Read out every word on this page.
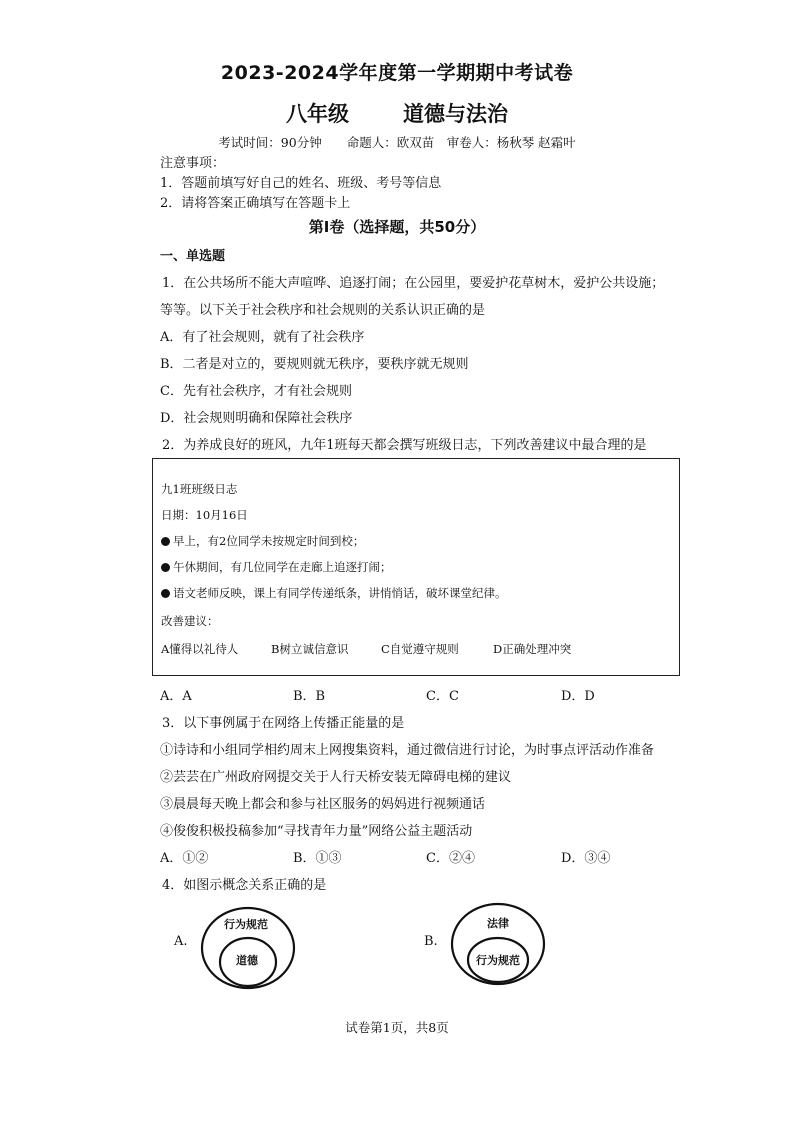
2023-2024学年度第一学期期中考试卷
八年级	道德与法治
考试时间：90分钟　　命题人：欧双苗　审卷人：杨秋琴 赵霜叶
注意事项：
1．答题前填写好自己的姓名、班级、考号等信息
2．请将答案正确填写在答题卡上
第I卷（选择题，共50分）
一、单选题
1．在公共场所不能大声喧哗、追逐打闹；在公园里，要爱护花草树木，爱护公共设施；
等等。以下关于社会秩序和社会规则的关系认识正确的是
A．有了社会规则，就有了社会秩序
B．二者是对立的，要规则就无秩序，要秩序就无规则
C．先有社会秩序，才有社会规则
D．社会规则明确和保障社会秩序
2．为养成良好的班风，九年1班每天都会撰写班级日志，下列改善建议中最合理的是
九1班班级日志
日期：10月16日
早上，有2位同学未按规定时间到校；
午休期间，有几位同学在走廊上追逐打闹；
语文老师反映，课上有同学传递纸条，讲悄悄话，破坏课堂纪律。
改善建议：
A懂得以礼待人	B树立诚信意识	C自觉遵守规则	D正确处理冲突
A．A	B．B	C．C	D．D
3．以下事例属于在网络上传播正能量的是
①诗诗和小组同学相约周末上网搜集资料，通过微信进行讨论，为时事点评活动作准备
②芸芸在广州政府网提交关于人行天桥安装无障碍电梯的建议
③晨晨每天晚上都会和参与社区服务的妈妈进行视频通话
④俊俊积极投稿参加“寻找青年力量”网络公益主题活动
A．①②	B．①③	C．②④	D．③④
4．如图示概念关系正确的是
A.
行为规范
道德
B.
法律
行为规范
试卷第1页，共8页
